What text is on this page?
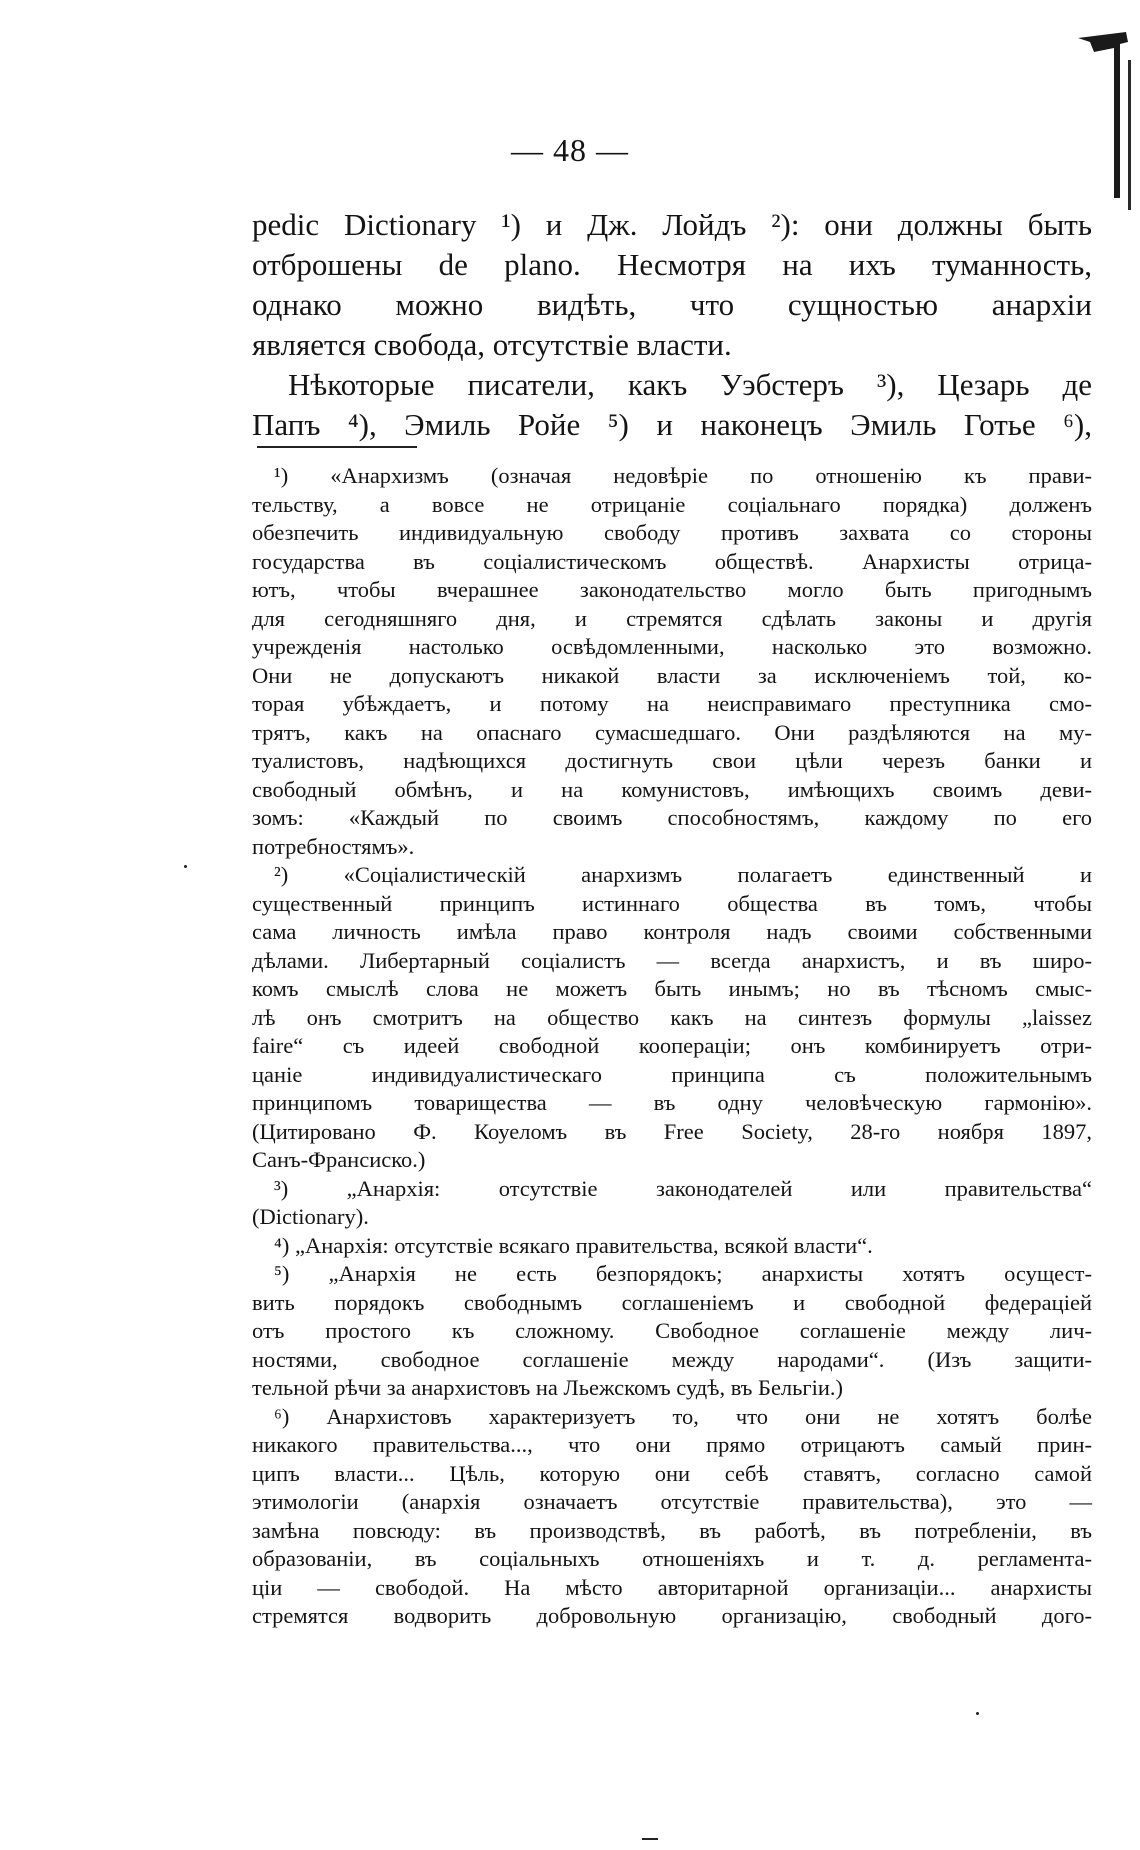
— 48 —
pedic Dictionary ¹) и Дж. Лойдъ ²): они должны быть
отброшены de plano. Несмотря на ихъ туманность,
однако можно видѣть, что сущностью анархіи
является свобода, отсутствіе власти.
Нѣкоторые писатели, какъ Уэбстеръ ³), Цезарь де
Папъ ⁴), Эмиль Ройе ⁵) и наконецъ Эмиль Готье ⁶),
¹) «Анархизмъ (означая недовѣріе по отношенію къ прави-
тельству, а вовсе не отрицаніе соціальнаго порядка) долженъ
обезпечить индивидуальную свободу противъ захвата со стороны
государства въ соціалистическомъ обществѣ. Анархисты отрица-
ютъ, чтобы вчерашнее законодательство могло быть пригоднымъ
для сегодняшняго дня, и стремятся сдѣлать законы и другія
учрежденія настолько освѣдомленными, насколько это возможно.
Они не допускаютъ никакой власти за исключеніемъ той, ко-
торая убѣждаетъ, и потому на неисправимаго преступника смо-
трятъ, какъ на опаснаго сумасшедшаго. Они раздѣляются на му-
туалистовъ, надѣющихся достигнуть свои цѣли черезъ банки и
свободный обмѣнъ, и на комунистовъ, имѣющихъ своимъ деви-
зомъ: «Каждый по своимъ способностямъ, каждому по его
потребностямъ».
²) «Соціалистическій анархизмъ полагаетъ единственный и
существенный принципъ истиннаго общества въ томъ, чтобы
сама личность имѣла право контроля надъ своими собственными
дѣлами. Либертарный соціалистъ — всегда анархистъ, и въ широ-
комъ смыслѣ слова не можетъ быть инымъ; но въ тѣсномъ смыс-
лѣ онъ смотритъ на общество какъ на синтезъ формулы „laissez
faire“ съ идеей свободной коопераціи; онъ комбинируетъ отри-
цаніе индивидуалистическаго принципа съ положительнымъ
принципомъ товарищества — въ одну человѣческую гармонію».
(Цитировано Ф. Коуеломъ въ Free Society, 28-го ноября 1897,
Санъ-Франсиско.)
³) „Анархія: отсутствіе законодателей или правительства“
(Dictionary).
⁴) „Анархія: отсутствіе всякаго правительства, всякой власти“.
⁵) „Анархія не есть безпорядокъ; анархисты хотятъ осущест-
вить порядокъ свободнымъ соглашеніемъ и свободной федераціей
отъ простого къ сложному. Свободное соглашеніе между лич-
ностями, свободное соглашеніе между народами“. (Изъ защити-
тельной рѣчи за анархистовъ на Льежскомъ судѣ, въ Бельгіи.)
⁶) Анархистовъ характеризуетъ то, что они не хотятъ болѣе
никакого правительства..., что они прямо отрицаютъ самый прин-
ципъ власти... Цѣль, которую они себѣ ставятъ, согласно самой
этимологіи (анархія означаетъ отсутствіе правительства), это —
замѣна повсюду: въ производствѣ, въ работѣ, въ потребленіи, въ
образованіи, въ соціальныхъ отношеніяхъ и т. д. регламента-
ціи — свободой. На мѣсто авторитарной организаціи... анархисты
стремятся водворить добровольную организацію, свободный дого-
